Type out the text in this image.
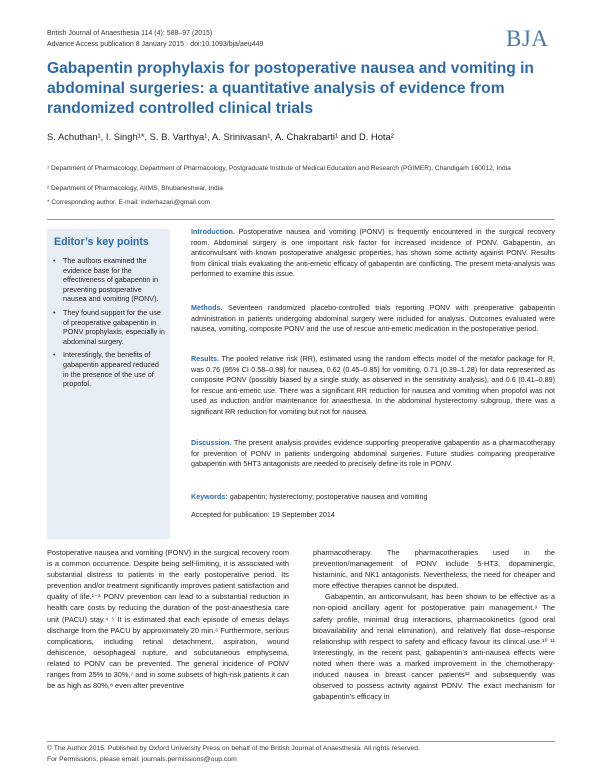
British Journal of Anaesthesia 114 (4): 588–97 (2015)
Advance Access publication 8 January 2015 · doi:10.1093/bja/aeu449	BJA
Gabapentin prophylaxis for postoperative nausea and vomiting in abdominal surgeries: a quantitative analysis of evidence from randomized controlled clinical trials
S. Achuthan¹, I. Singh¹*, S. B. Varthya¹, A. Srinivasan¹, A. Chakrabarti¹ and D. Hota²
¹ Department of Pharmacology, Department of Pharmacology, Postgraduate Institute of Medical Education and Research (PGIMER), Chandigarh 160012, India
² Department of Pharmacology, AIIMS, Bhubaneshwar, India
* Corresponding author. E-mail: inderhazari@gmail.com
Editor’s key points
• The authors examined the evidence base for the effectiveness of gabapentin in preventing postoperative nausea and vomiting (PONV).
• They found support for the use of preoperative gabapentin in PONV prophylaxis, especially in abdominal surgery.
• Interestingly, the benefits of gabapentin appeared reduced in the presence of the use of propofol.
Introduction. Postoperative nausea and vomiting (PONV) is frequently encountered in the surgical recovery room. Abdominal surgery is one important risk factor for increased incidence of PONV. Gabapentin, an anticonvulsant with known postoperative analgesic properties, has shown some activity against PONV. Results from clinical trials evaluating the anti-emetic efficacy of gabapentin are conflicting. The present meta-analysis was performed to examine this issue.
Methods. Seventeen randomized placebo-controlled trials reporting PONV with preoperative gabapentin administration in patients undergoing abdominal surgery were included for analysis. Outcomes evaluated were nausea, vomiting, composite PONV and the use of rescue anti-emetic medication in the postoperative period.
Results. The pooled relative risk (RR), estimated using the random effects model of the metafor package for R, was 0.76 (95% CI 0.58–0.98) for nausea, 0.62 (0.45–0.85) for vomiting, 0.71 (0.39–1.28) for data represented as composite PONV (possibly biased by a single study, as observed in the sensitivity analysis), and 0.6 (0.41–0.89) for rescue anti-emetic use. There was a significant RR reduction for nausea and vomiting when propofol was not used as induction and/or maintenance for anaesthesia. In the abdominal hysterectomy subgroup, there was a significant RR reduction for vomiting but not for nausea.
Discussion. The present analysis provides evidence supporting preoperative gabapentin as a pharmacotherapy for prevention of PONV in patients undergoing abdominal surgeries. Future studies comparing preoperative gabapentin with 5HT3 antagonists are needed to precisely define its role in PONV.
Keywords: gabapentin; hysterectomy; postoperative nausea and vomiting
Accepted for publication: 19 September 2014

Postoperative nausea and vomiting (PONV) in the surgical recovery room is a common occurrence. Despite being self-limiting, it is associated with substantial distress to patients in the early postoperative period. Its prevention and/or treatment significantly improves patient satisfaction and quality of life.¹⁻³ PONV prevention can lead to a substantial reduction in health care costs by reducing the duration of the post-anaesthesia care unit (PACU) stay.⁴ ⁵ It is estimated that each episode of emesis delays discharge from the PACU by approximately 20 min.⁶ Furthermore, serious complications, including retinal detachment, aspiration, wound dehiscence, oesophageal rupture, and subcutaneous emphysema, related to PONV can be prevented. The general incidence of PONV ranges from 25% to 30%,⁷ and in some subsets of high-risk patients it can be as high as 80%,⁸ even after preventive

pharmacotherapy. The pharmacotherapies used in the prevention/management of PONV include 5-HT3, dopaminergic, histaminic, and NK1 antagonists. Nevertheless, the need for cheaper and more effective therapies cannot be disputed.

Gabapentin, an anticonvulsant, has been shown to be effective as a non-opioid ancillary agent for postoperative pain management.⁹ The safety profile, minimal drug interactions, pharmacokinetics (good oral bioavailability and renal elimination), and relatively flat dose–response relationship with respect to safety and efficacy favour its clinical use.¹⁰ ¹¹ Interestingly, in the recent past, gabapentin’s anti-nausea effects were noted when there was a marked improvement in the chemotherapy-induced nausea in breast cancer patients¹² and subsequently was observed to possess activity against PONV. The exact mechanism for gabapentin’s efficacy in

© The Author 2015. Published by Oxford University Press on behalf of the British Journal of Anaesthesia. All rights reserved.
For Permissions, please email: journals.permissions@oup.com
